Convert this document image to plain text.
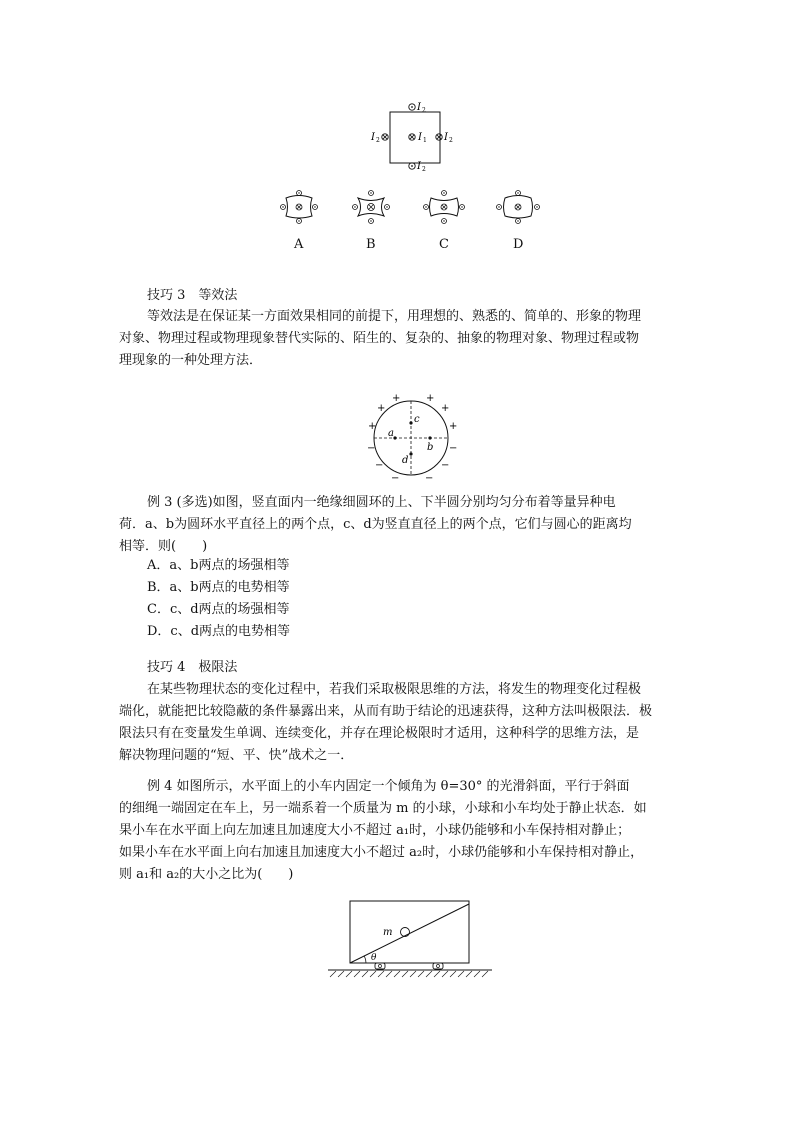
I 2
I 2	I 1 I 2
I 2
A	B	C	D
技巧 3　等效法
等效法是在保证某一方面效果相同的前提下，用理想的、熟悉的、简单的、形象的物理
对象、物理过程或物理现象替代实际的、陌生的、复杂的、抽象的物理对象、物理过程或物
理现象的一种处理方法．
+
+	+
+
+	+
−	−
−	−
−	−
a
b
c
d
例 3 (多选)如图，竖直面内一绝缘细圆环的上、下半圆分别均匀分布着等量异种电
荷．a、b为圆环水平直径上的两个点，c、d为竖直直径上的两个点，它们与圆心的距离均
相等．则(　　)
A．a、b两点的场强相等
B．a、b两点的电势相等
C．c、d两点的场强相等
D．c、d两点的电势相等
技巧 4　极限法
在某些物理状态的变化过程中，若我们采取极限思维的方法，将发生的物理变化过程极
端化，就能把比较隐蔽的条件暴露出来，从而有助于结论的迅速获得，这种方法叫极限法．极
限法只有在变量发生单调、连续变化，并存在理论极限时才适用，这种科学的思维方法，是
解决物理问题的“短、平、快”战术之一．
例 4 如图所示，水平面上的小车内固定一个倾角为 θ=30° 的光滑斜面，平行于斜面
的细绳一端固定在车上，另一端系着一个质量为 m 的小球，小球和小车均处于静止状态．如
果小车在水平面上向左加速且加速度大小不超过 a₁时，小球仍能够和小车保持相对静止；
如果小车在水平面上向右加速且加速度大小不超过 a₂时，小球仍能够和小车保持相对静止，
则 a₁和 a₂的大小之比为(　　)
m
θ
